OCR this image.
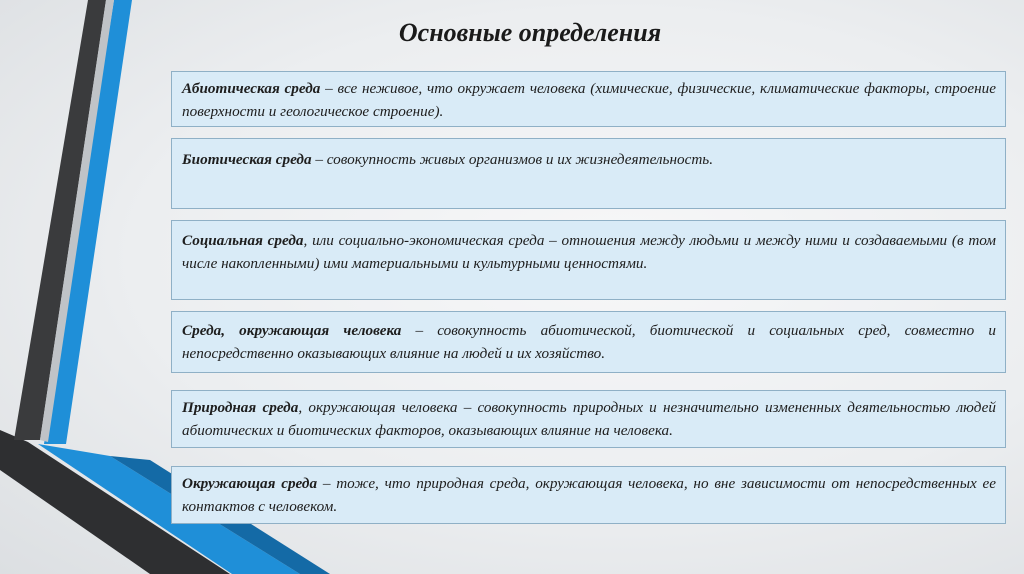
Основные определения
Абиотическая среда – все неживое, что окружает человека (химические, физические, климатические факторы, строение поверхности и геологическое строение).
Биотическая среда – совокупность живых организмов и их жизнедеятельность.
Социальная среда, или социально-экономическая среда – отношения между людьми и между ними и создаваемыми (в том числе накопленными) ими материальными и культурными ценностями.
Среда, окружающая человека – совокупность абиотической, биотической и социальных сред, совместно и непосредственно оказывающих влияние на людей и их хозяйство.
Природная среда, окружающая человека – совокупность природных и незначительно измененных деятельностью людей абиотических и биотических факторов, оказывающих влияние на человека.
Окружающая среда – тоже, что природная среда, окружающая человека, но вне зависимости от непосредственных ее контактов с человеком.
